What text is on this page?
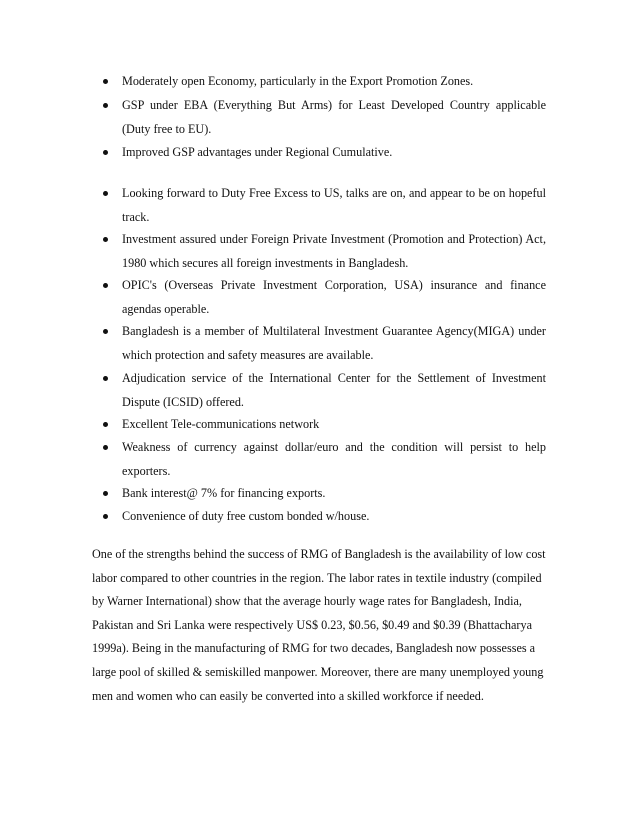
Moderately open Economy, particularly in the Export Promotion Zones.
GSP under EBA (Everything But Arms) for Least Developed Country applicable (Duty free to EU).
Improved GSP advantages under Regional Cumulative.
Looking forward to Duty Free Excess to US, talks are on, and appear to be on hopeful track.
Investment assured under Foreign Private Investment (Promotion and Protection) Act, 1980 which secures all foreign investments in Bangladesh.
OPIC's (Overseas Private Investment Corporation, USA) insurance and finance agendas operable.
Bangladesh is a member of Multilateral Investment Guarantee Agency(MIGA) under which protection and safety measures are available.
Adjudication service of the International Center for the Settlement of Investment Dispute (ICSID) offered.
Excellent Tele-communications network
Weakness of currency against dollar/euro and the condition will persist to help exporters.
Bank interest@ 7% for financing exports.
Convenience of duty free custom bonded w/house.

One of the strengths behind the success of RMG of Bangladesh is the availability of low cost labor compared to other countries in the region. The labor rates in textile industry (compiled by Warner International) show that the average hourly wage rates for Bangladesh, India, Pakistan and Sri Lanka were respectively US$ 0.23, $0.56, $0.49 and $0.39 (Bhattacharya 1999a). Being in the manufacturing of RMG for two decades, Bangladesh now possesses a large pool of skilled & semiskilled manpower. Moreover, there are many unemployed young men and women who can easily be converted into a skilled workforce if needed.
